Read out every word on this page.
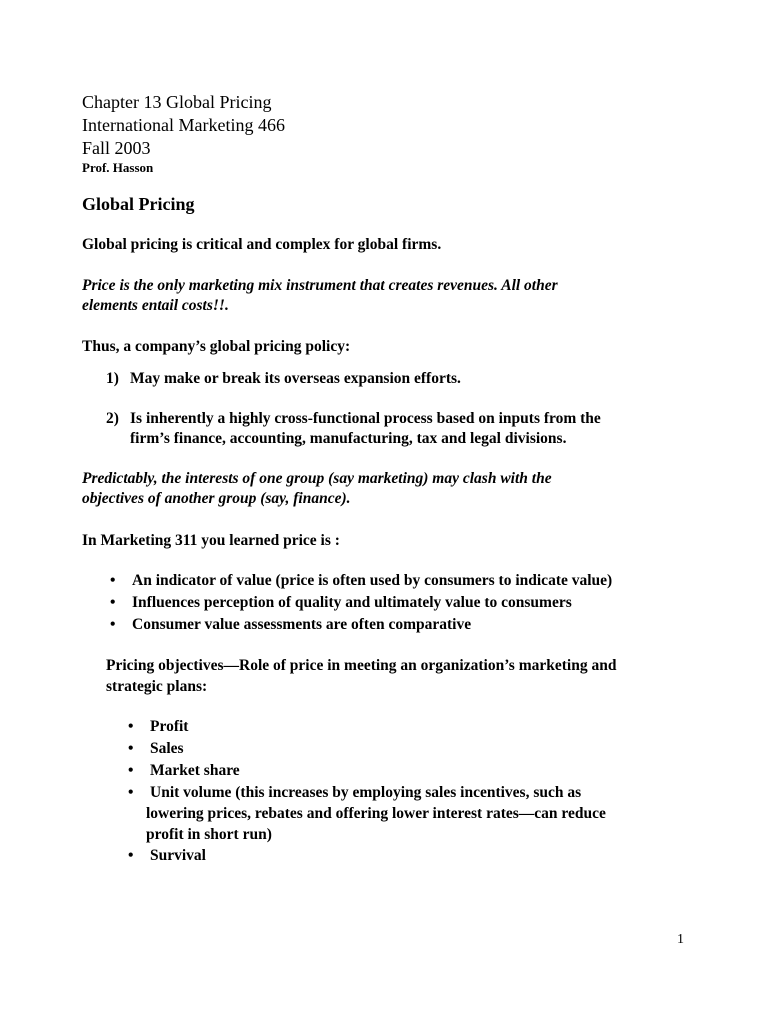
Chapter 13 Global Pricing
International Marketing 466
Fall 2003
Prof. Hasson
Global Pricing
Global pricing is critical and complex for global firms.
Price is the only marketing mix instrument that creates revenues. All other
elements entail costs!!.
Thus, a company’s global pricing policy:
1) May make or break its overseas expansion efforts.
2) Is inherently a highly cross-functional process based on inputs from the
firm’s finance, accounting, manufacturing, tax and legal divisions.
Predictably, the interests of one group (say marketing) may clash with the
objectives of another group (say, finance).
In Marketing 311 you learned price is :
• An indicator of value (price is often used by consumers to indicate value)
• Influences perception of quality and ultimately value to consumers
• Consumer value assessments are often comparative
Pricing objectives—Role of price in meeting an organization’s marketing and
strategic plans:
• Profit
• Sales
• Market share
• Unit volume (this increases by employing sales incentives, such as
lowering prices, rebates and offering lower interest rates—can reduce
profit in short run)
• Survival
1
